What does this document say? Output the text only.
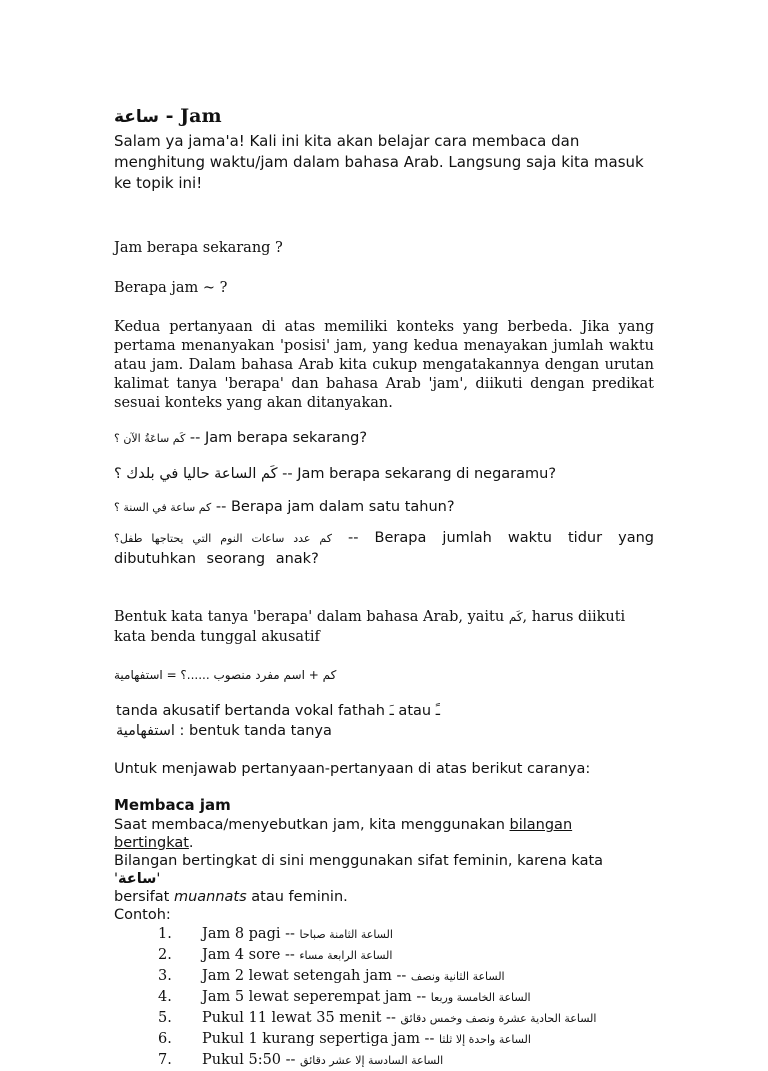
ساعة - Jam

Salam ya jama'a! Kali ini kita akan belajar cara membaca dan menghitung waktu/jam dalam bahasa Arab. Langsung saja kita masuk ke topik ini!

Jam berapa sekarang ?

Berapa jam ~ ?

Kedua pertanyaan di atas memiliki konteks yang berbeda. Jika yang pertama menanyakan 'posisi' jam, yang kedua menayakan jumlah waktu atau jam. Dalam bahasa Arab kita cukup mengatakannya dengan urutan kalimat tanya 'berapa' dan bahasa Arab 'jam', diikuti dengan predikat sesuai konteks yang akan ditanyakan.

كَم ساعَةُ الآن ؟ -- Jam berapa sekarang?

كَم الساعة حاليا في بلدك ؟ -- Jam berapa sekarang di negaramu?

كم ساعة في السنة ؟ -- Berapa jam dalam satu tahun?

كم عدد ساعات النوم التي يحتاجها طفل؟ -- Berapa jumlah waktu tidur yang dibutuhkan seorang anak?

Bentuk kata tanya 'berapa' dalam bahasa Arab, yaitu كَم, harus diikuti kata benda tunggal akusatif

كم + اسم مفرد منصوب ......؟ = استفهامية

tanda akusatif bertanda vokal fathah ـَ atau ـً
استفهامية : bentuk tanda tanya

Untuk menjawab pertanyaan-pertanyaan di atas berikut caranya:

Membaca jam

Saat membaca/menyebutkan jam, kita menggunakan bilangan bertingkat.
Bilangan bertingkat di sini menggunakan sifat feminin, karena kata 'ساعة'
bersifat muannats atau feminin.
Contoh:

1. Jam 8 pagi -- الساعة الثامنة صباحا
2. Jam 4 sore -- الساعة الرابعة مساء
3. Jam 2 lewat setengah jam -- الساعة الثانية ونصف
4. Jam 5 lewat seperempat jam -- الساعة الخامسة وربعا
5. Pukul 11 lewat 35 menit -- الساعة الحادية عشرة ونصف وخمس دقائق
6. Pukul 1 kurang sepertiga jam -- الساعة واحدة إلا ثلثا
7. Pukul 5:50 -- الساعة السادسة إلا عشر دقائق
